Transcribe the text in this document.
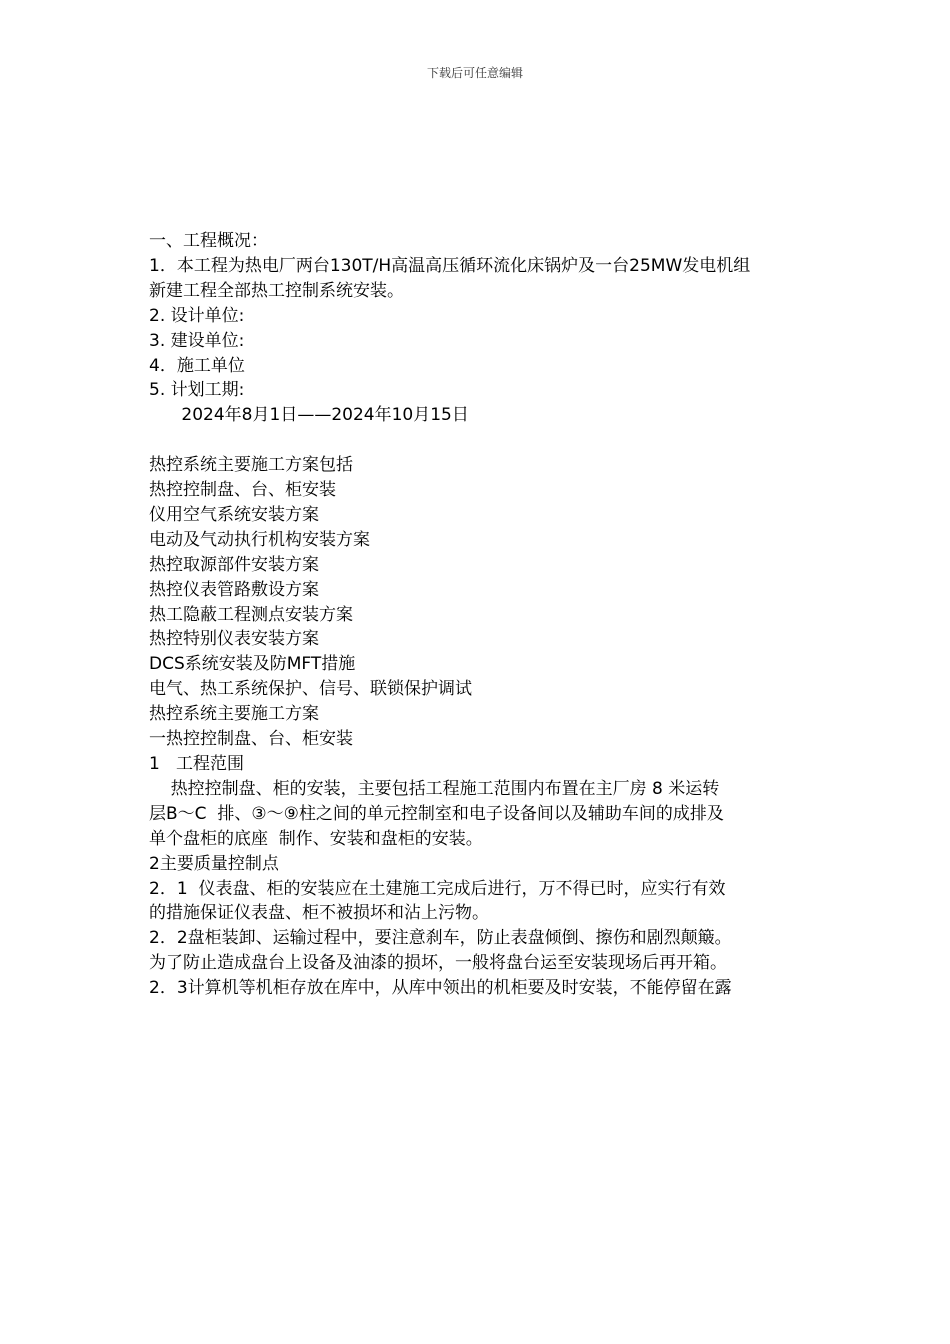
下载后可任意编辑
一、工程概况：
1．本工程为热电厂两台130T/H高温高压循环流化床锅炉及一台25MW发电机组
新建工程全部热工控制系统安装。
2. 设计单位:
3. 建设单位:
4．施工单位
5. 计划工期:
2024年8月1日——2024年10月15日
热控系统主要施工方案包括
热控控制盘、台、柜安装
仪用空气系统安装方案
电动及气动执行机构安装方案
热控取源部件安装方案
热控仪表管路敷设方案
热工隐蔽工程测点安装方案
热控特别仪表安装方案
DCS系统安装及防MFT措施
电气、热工系统保护、信号、联锁保护调试
热控系统主要施工方案
一热控控制盘、台、柜安装
1   工程范围
热控控制盘、柜的安装，主要包括工程施工范围内布置在主厂房 8 米运转
层B～C  排、③～⑨柱之间的单元控制室和电子设备间以及辅助车间的成排及
单个盘柜的底座  制作、安装和盘柜的安装。
2主要质量控制点
2．1  仪表盘、柜的安装应在土建施工完成后进行，万不得已时，应实行有效
的措施保证仪表盘、柜不被损坏和沾上污物。
2．2盘柜装卸、运输过程中，要注意刹车，防止表盘倾倒、擦伤和剧烈颠簸。
为了防止造成盘台上设备及油漆的损坏，一般将盘台运至安装现场后再开箱。
2．3计算机等机柜存放在库中，从库中领出的机柜要及时安装，不能停留在露
